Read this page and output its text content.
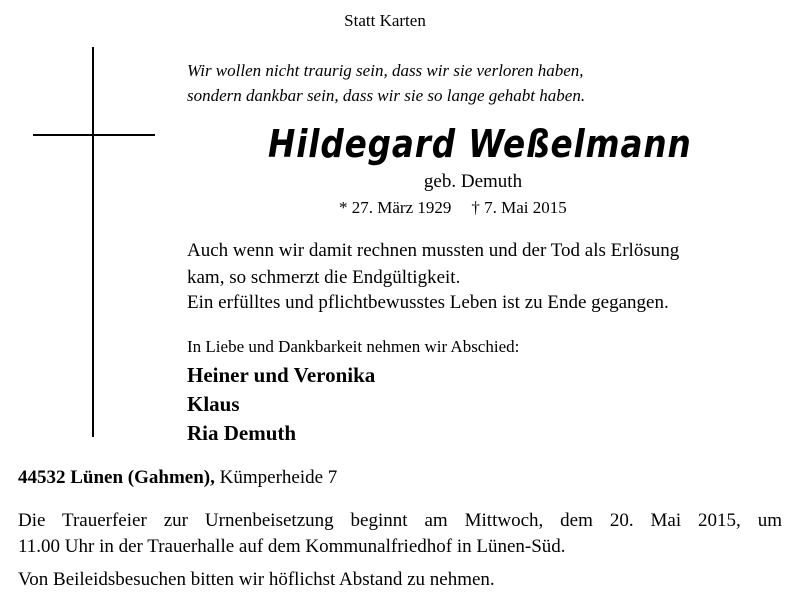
Statt Karten
Wir wollen nicht traurig sein, dass wir sie verloren haben,
sondern dankbar sein, dass wir sie so lange gehabt haben.
Hildegard Weßelmann
geb. Demuth
* 27. März 1929 † 7. Mai 2015
Auch wenn wir damit rechnen mussten und der Tod als Erlösung
kam, so schmerzt die Endgültigkeit.
Ein erfülltes und pflichtbewusstes Leben ist zu Ende gegangen.
In Liebe und Dankbarkeit nehmen wir Abschied:
Heiner und Veronika
Klaus
Ria Demuth
44532 Lünen (Gahmen), Kümperheide 7
Die Trauerfeier zur Urnenbeisetzung beginnt am Mittwoch, dem 20. Mai 2015, um
11.00 Uhr in der Trauerhalle auf dem Kommunalfriedhof in Lünen-Süd.
Von Beileidsbesuchen bitten wir höflichst Abstand zu nehmen.
